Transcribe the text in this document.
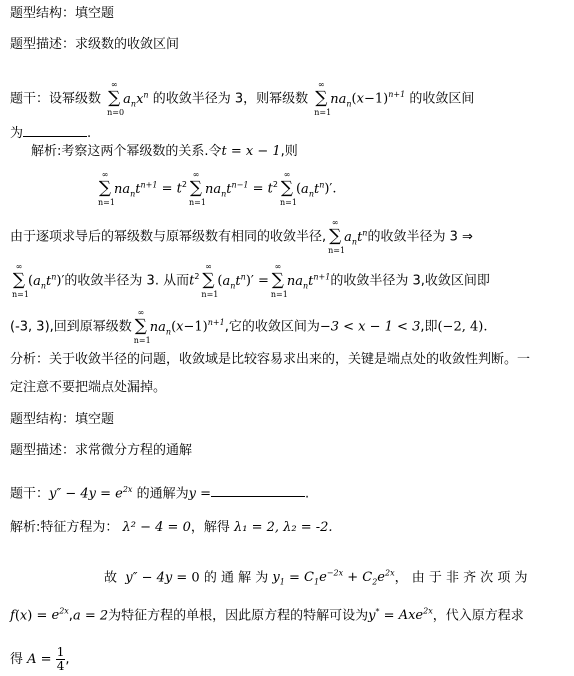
题型结构：填空题
题型描述：求级数的收敛区间
题干：设幂级数
∞
∑
n=0
$a_nx^n$ 的收敛半径为 3，则幂级数
∞
∑
n=1
$na_n(x-1)^{n+1}$ 的收敛区间
为	.
解析:考察这两个幂级数的关系.令t = x − 1,则
∞
∑
n=1
$na_nt^{n+1} = t^2$
∞
∑
n=1
$na_nt^{n-1} = t^2$
∞
∑
n=1
$(a_nt^n)'$.
由于逐项求导后的幂级数与原幂级数有相同的收敛半径,
∞
∑
n=1
$a_nt^n$的收敛半径为 3 ⇒
∞
∑
n=1
$(a_nt^n)'$的收敛半径为 3. 从而$t^2$
∞
∑
n=1
$(a_nt^n)'$ =
∞
∑
n=1
$na_nt^{n+1}$的收敛半径为 3,收敛区间即
(-3, 3),回到原幂级数
∞
∑
n=1
$na_n(x-1)^{n+1}$,它的收敛区间为−3 < x − 1 < 3,即(−2, 4).
分析：关于收敛半径的问题，收敛域是比较容易求出来的，关键是端点处的收敛性判断。一
定注意不要把端点处漏掉。
题型结构：填空题
题型描述：求常微分方程的通解
题干：$y'' - 4y = e^{2x}$ 的通解为y =	.
解析:特征方程为： λ² − 4 = 0，解得 λ₁ = 2, λ₂ = -2.
故 y″ − 4y = 0 的 通 解 为 $y_1 = C_1e^{-2x} + C_2e^{2x}$， 由 于 非 齐 次 项 为
$f(x) = e^{2x},a = 2$为特征方程的单根，因此原方程的特解可设为y* = Axe$^{2x}$，代入原方程求
得 $A = \frac{1}{4}$ ,
